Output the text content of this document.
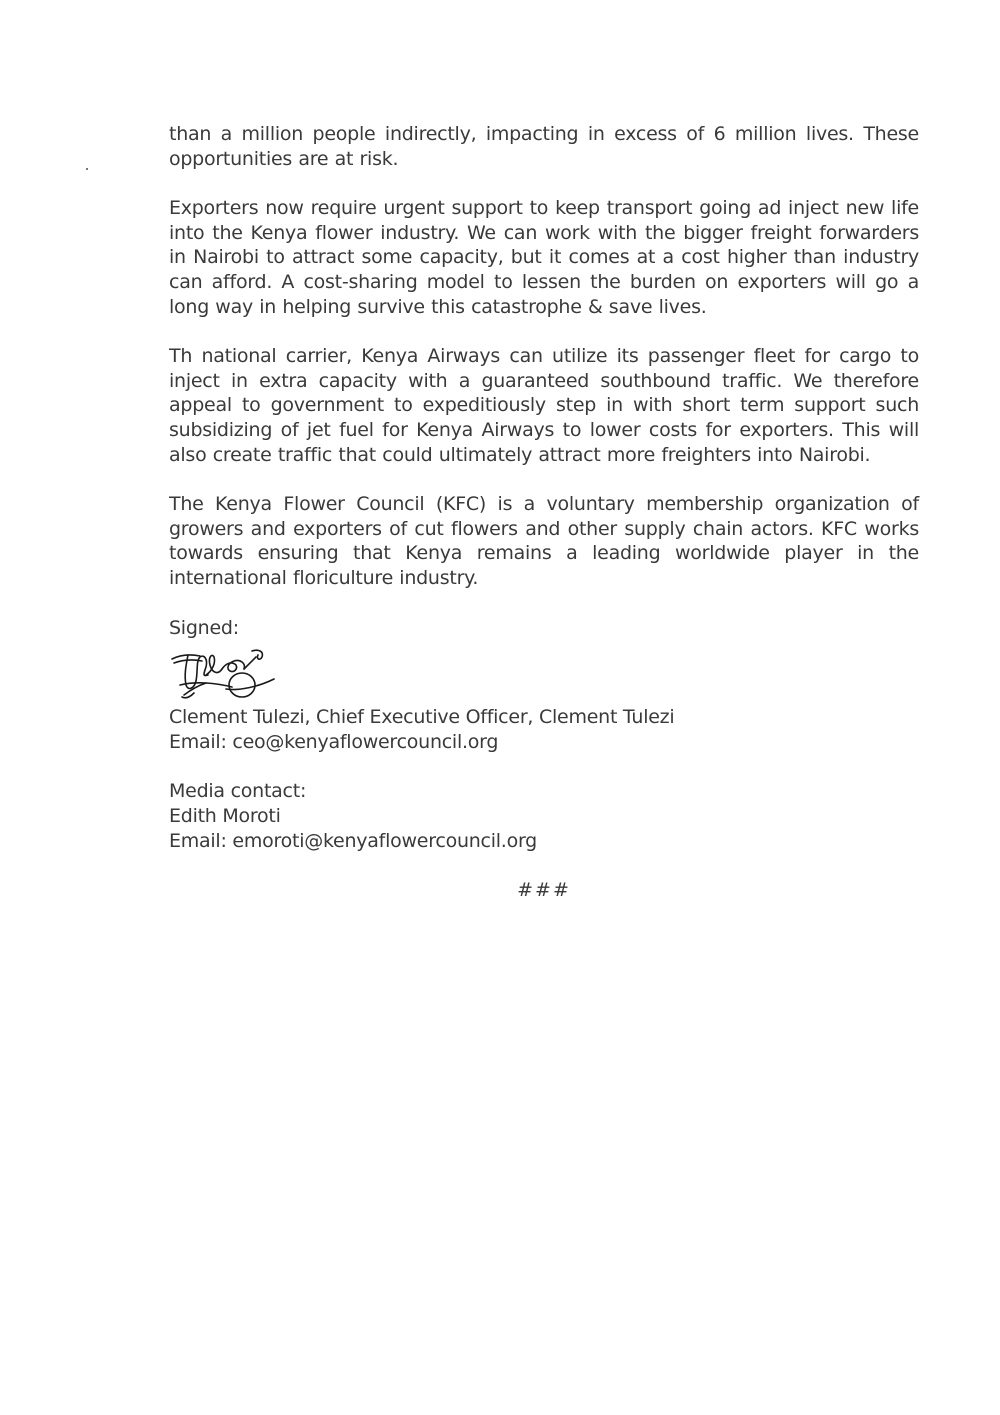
than a million people indirectly, impacting in excess of 6 million lives. These opportunities are at risk.

Exporters now require urgent support to keep transport going ad inject new life into the Kenya flower industry. We can work with the bigger freight forwarders in Nairobi to attract some capacity, but it comes at a cost higher than industry can afford. A cost-sharing model to lessen the burden on exporters will go a long way in helping survive this catastrophe & save lives.

Th national carrier, Kenya Airways can utilize its passenger fleet for cargo to inject in extra capacity with a guaranteed southbound traffic. We therefore appeal to government to expeditiously step in with short term support such subsidizing of jet fuel for Kenya Airways to lower costs for exporters. This will also create traffic that could ultimately attract more freighters into Nairobi.

The Kenya Flower Council (KFC) is a voluntary membership organization of growers and exporters of cut flowers and other supply chain actors. KFC works towards ensuring that Kenya remains a leading worldwide player in the international floriculture industry.

Signed:

Clement Tulezi, Chief Executive Officer, Clement Tulezi

Email: ceo@kenyaflowercouncil.org

Media contact:

Edith Moroti

Email: emoroti@kenyaflowercouncil.org

###
